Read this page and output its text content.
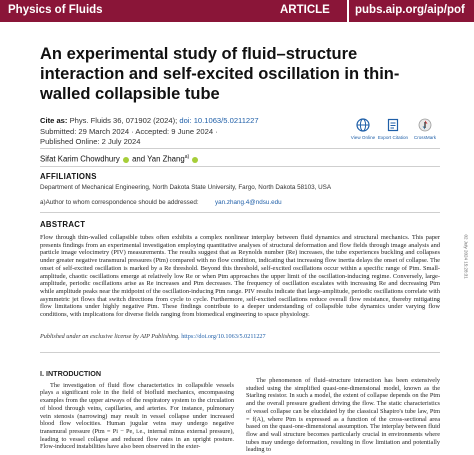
Physics of Fluids	ARTICLE pubs.aip.org/aip/pof
An experimental study of fluid–structure interaction and self-excited oscillation in thin-walled collapsible tube
Cite as: Phys. Fluids 36, 071902 (2024); doi: 10.1063/5.0211227
Submitted: 29 March 2024 · Accepted: 9 June 2024 ·
Published Online: 2 July 2024	View Online Export Citation	CrossMark
Sifat Karim Chowdhury and Yan Zhang$^{a)}$
AFFILIATIONS
Department of Mechanical Engineering, North Dakota State University, Fargo, North Dakota 58103, USA
a)Author to whom correspondence should be addressed:	yan.zhang.4@ndsu.edu
ABSTRACT

Flow through thin-walled collapsible tubes often exhibits a complex nonlinear interplay between fluid dynamics and structural mechanics. This paper presents findings from an experimental investigation employing quantitative analyses of structural deformation and flow fields through image analysis and particle image velocimetry (PIV) measurements. The results suggest that as Reynolds number (Re) increases, the tube experiences buckling and collapses under greater negative transmural pressures (Ptm) compared with no flow condition, indicating that increasing flow inertia delays the onset of collapse. The onset of self-excited oscillation is marked by a Re threshold. Beyond this threshold, self-excited oscillations occur within a specific range of Ptm. Small-amplitude, chaotic oscillations emerge at relatively low Re or when Ptm approaches the upper limit of the oscillation-inducing regime. Conversely, large-amplitude, periodic oscillations arise as Re increases and Ptm decreases. The frequency of oscillation escalates with increasing Re and decreasing Ptm while amplitude peaks near the midpoint of the oscillation-inducing Ptm range. PIV results indicate that large-amplitude, periodic oscillations correlate with asymmetric jet flows that switch directions from cycle to cycle. Furthermore, self-excited oscillations reduce overall flow resistance, thereby mitigating flow limitations under highly negative Ptm. These findings contribute to a deeper understanding of collapsible tube dynamics under varying flow conditions, with implications for diverse fields ranging from biomedical engineering to space physiology.

Published under an exclusive license by AIP Publishing. https://doi.org/10.1063/5.0211227
I. INTRODUCTION

The investigation of fluid flow characteristics in collapsible vessels plays a significant role in the field of biofluid mechanics, encompassing examples from the upper airways of the respiratory system to the circulation of blood through veins, capillaries, and arteries. For instance, pulmonary vein stenosis (narrowing) may result in vessel collapse under increased blood flow velocities. Human jugular veins may undergo negative transmural pressure (Ptm = Pi − Pe, i.e., internal minus external pressure), leading to vessel collapse and reduced flow rates in an upright posture. Flow-induced instabilities have also been observed in the exter-

The phenomenon of fluid–structure interaction has been extensively studied using the simplified quasi-one-dimensional model, known as the Starling resistor. In such a model, the extent of collapse depends on the Ptm and the overall pressure gradient driving the flow. The static characteristics of vessel collapse can be elucidated by the classical Shapiro's tube law, Ptm = f(A), where Ptm is expressed as a function of the cross-sectional area based on the quasi-one-dimensional assumption. The interplay between fluid flow and wall structure becomes particularly crucial in environments where tubes may undergo deformation, resulting in flow limitation and potentially leading to

02 July 2024 15:28:31
